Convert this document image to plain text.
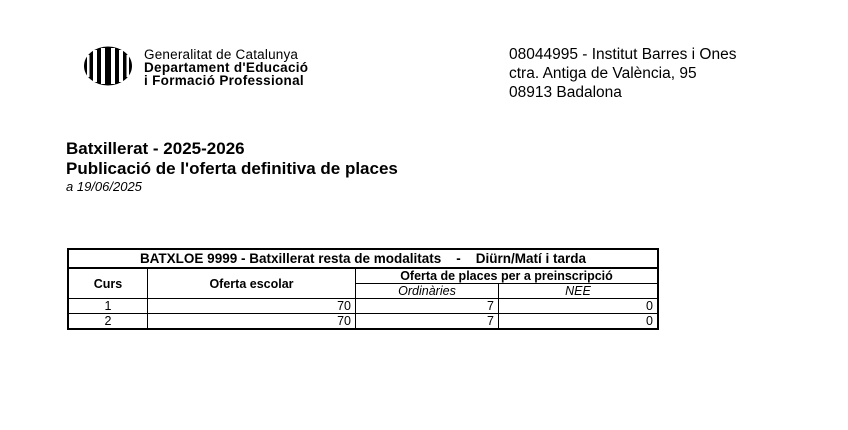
Generalitat de Catalunya
Departament d'Educació
i Formació Professional
08044995 - Institut Barres i Ones
ctra. Antiga de València, 95
08913 Badalona
Batxillerat - 2025-2026
Publicació de l'oferta definitiva de places
a 19/06/2025
BATXLOE 9999 - Batxillerat resta de modalitats    -    Diürn/Matí i tarda			
Curs	Oferta escolar	Oferta de places per a preinscripció	
		Ordinàries	NEE
1	70	7	0
2	70	7	0
